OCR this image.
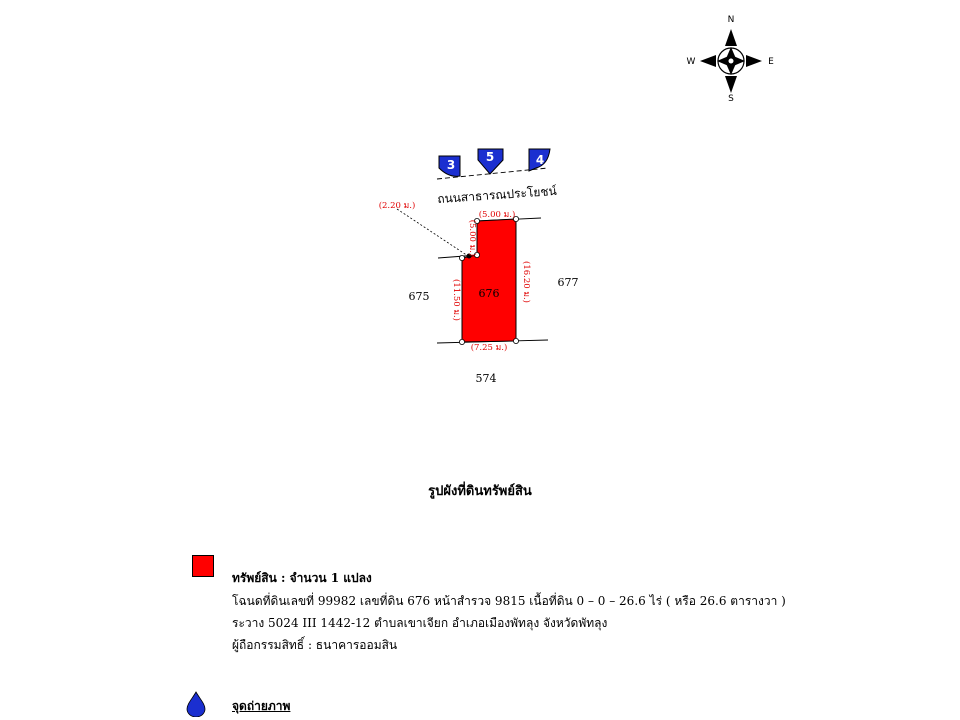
N
S
W	E
3
5	4
ถนนสาธารณประโยชน์
(2.20 ม.)
(5.00 ม.)
(5.00 ม.)
(11.50 ม.)	(16.20 ม.)
(7.25 ม.)
676
675
677
574
รูปผังที่ดินทรัพย์สิน
ทรัพย์สิน : จำนวน 1 แปลง
โฉนดที่ดินเลขที่ 99982 เลขที่ดิน 676 หน้าสำรวจ 9815 เนื้อที่ดิน 0 – 0 – 26.6 ไร่ ( หรือ 26.6 ตารางวา )
ระวาง 5024 III 1442-12 ตำบลเขาเจียก อำเภอเมืองพัทลุง จังหวัดพัทลุง
ผู้ถือกรรมสิทธิ์ : ธนาคารออมสิน
จุดถ่ายภาพ
